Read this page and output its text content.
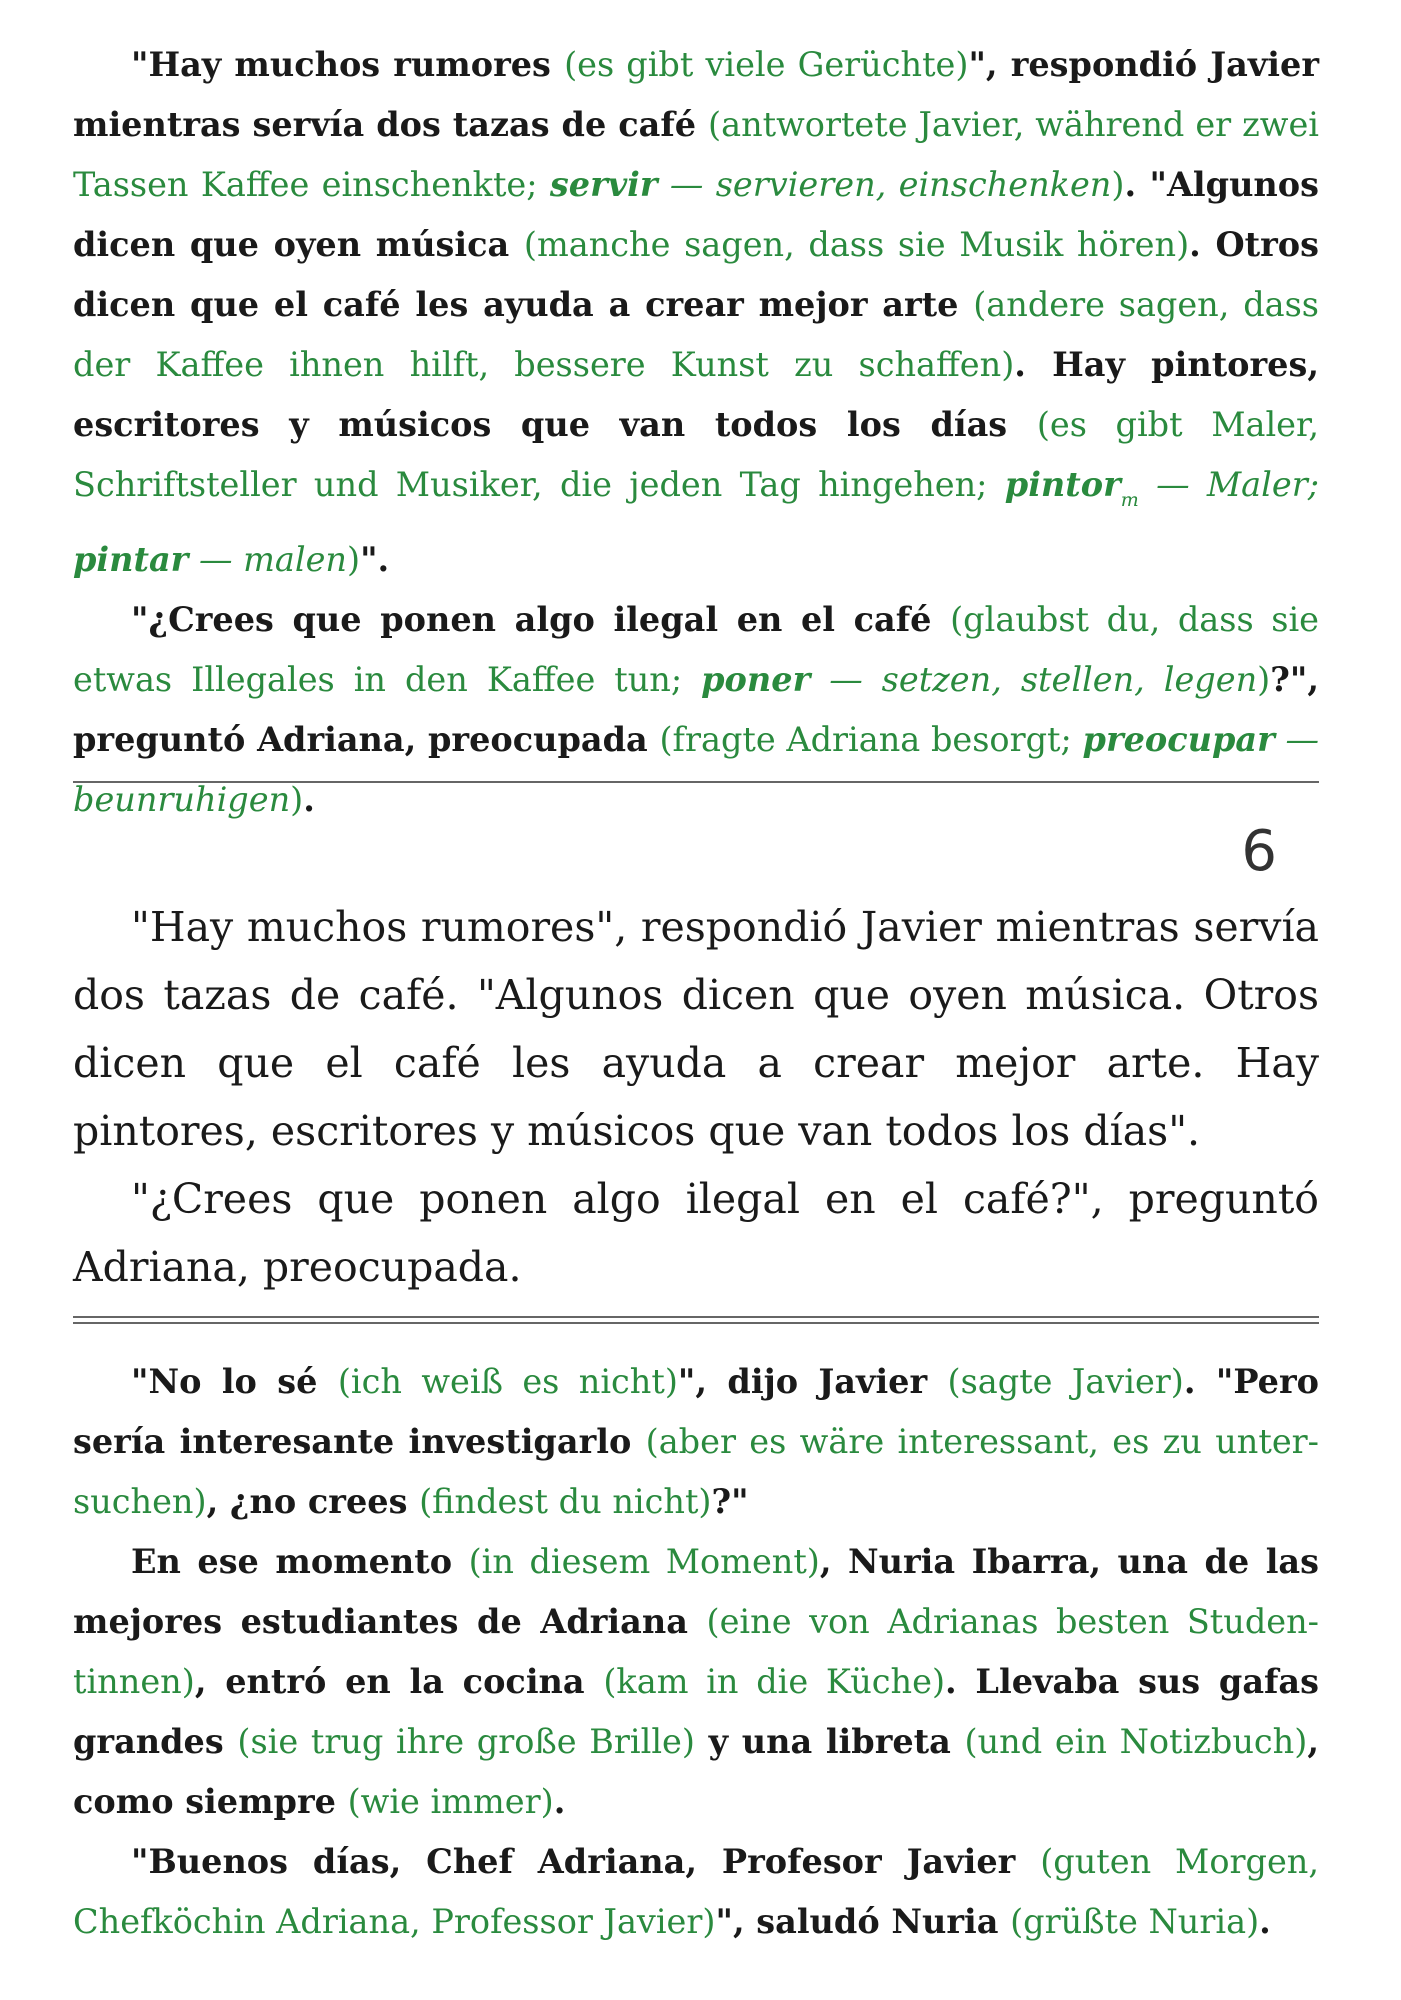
"Hay muchos rumores (es gibt viele Gerüchte)", respondió Javier mientras servía dos tazas de café (antwortete Javier, während er zwei Tassen Kaffee einschenkte; servir — servieren, einschenken). "Algunos dicen que oyen música (manche sagen, dass sie Musik hören). Otros dicen que el café les ayuda a crear mejor arte (andere sagen, dass der Kaffee ihnen hilft, bessere Kunst zu schaffen). Hay pintores, escritores y músicos que van todos los días (es gibt Maler, Schriftsteller und Musiker, die jeden Tag hingehen; pintor$_m$ — Maler; pintar — malen)".

"¿Crees que ponen algo ilegal en el café (glaubst du, dass sie etwas Illegales in den Kaffee tun; poner — setzen, stellen, legen)?", preguntó Adriana, preocupada (fragte Adriana besorgt; preocupar — beunruhigen).

6

"Hay muchos rumores", respondió Javier mientras servía dos tazas de café. "Algunos dicen que oyen música. Otros dicen que el café les ayuda a crear mejor arte. Hay pintores, escritores y músicos que van todos los días".

"¿Crees que ponen algo ilegal en el café?", preguntó Adriana, preocupada.

"No lo sé (ich weiß es nicht)", dijo Javier (sagte Javier). "Pero sería interesante investigarlo (aber es wäre interessant, es zu untersuchen), ¿no crees (findest du nicht)?"

En ese momento (in diesem Moment), Nuria Ibarra, una de las mejores estudiantes de Adriana (eine von Adrianas besten Studentinnen), entró en la cocina (kam in die Küche). Llevaba sus gafas grandes (sie trug ihre große Brille) y una libreta (und ein Notizbuch), como siempre (wie immer).

"Buenos días, Chef Adriana, Profesor Javier (guten Morgen, Chefköchin Adriana, Professor Javier)", saludó Nuria (grüßte Nuria).
